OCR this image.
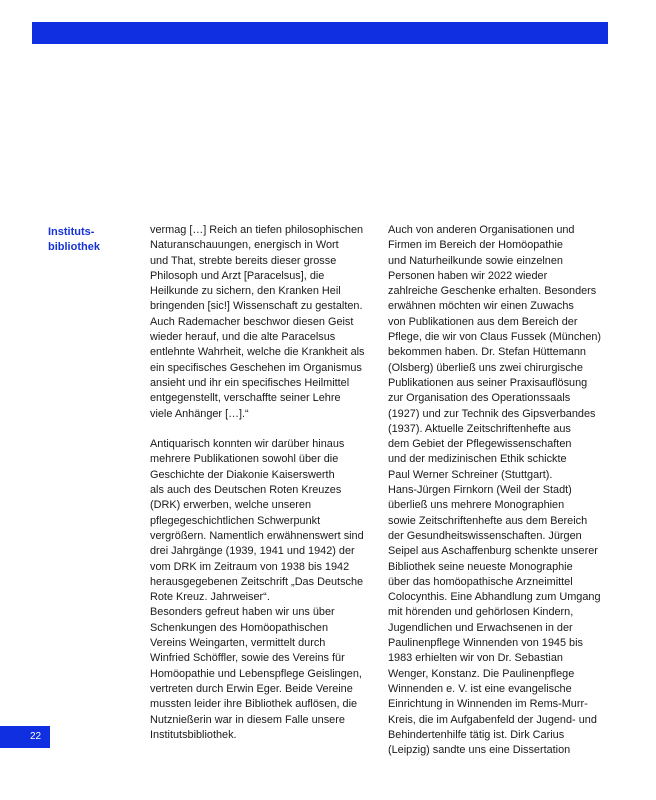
Instituts-
bibliothek
vermag […] Reich an tiefen philosophischen
Naturanschauungen, energisch in Wort
und That, strebte bereits dieser grosse
Philosoph und Arzt [Paracelsus], die
Heilkunde zu sichern, den Kranken Heil
bringenden [sic!] Wissenschaft zu gestalten.
Auch Rademacher beschwor diesen Geist
wieder herauf, und die alte Paracelsus
entlehnte Wahrheit, welche die Krankheit als
ein specifisches Geschehen im Organismus
ansieht und ihr ein specifisches Heilmittel
entgegenstellt, verschaffte seiner Lehre
viele Anhänger […].“
Antiquarisch konnten wir darüber hinaus
mehrere Publikationen sowohl über die
Geschichte der Diakonie Kaiserswerth
als auch des Deutschen Roten Kreuzes
(DRK) erwerben, welche unseren
pflegegeschichtlichen Schwerpunkt
vergrößern. Namentlich erwähnenswert sind
drei Jahrgänge (1939, 1941 und 1942) der
vom DRK im Zeitraum von 1938 bis 1942
herausgegebenen Zeitschrift „Das Deutsche
Rote Kreuz. Jahrweiser“.
Besonders gefreut haben wir uns über
Schenkungen des Homöopathischen
Vereins Weingarten, vermittelt durch
Winfried Schöffler, sowie des Vereins für
Homöopathie und Lebenspflege Geislingen,
vertreten durch Erwin Eger. Beide Vereine
mussten leider ihre Bibliothek auflösen, die
Nutznießerin war in diesem Falle unsere
Institutsbibliothek.
Auch von anderen Organisationen und
Firmen im Bereich der Homöopathie
und Naturheilkunde sowie einzelnen
Personen haben wir 2022 wieder
zahlreiche Geschenke erhalten. Besonders
erwähnen möchten wir einen Zuwachs
von Publikationen aus dem Bereich der
Pflege, die wir von Claus Fussek (München)
bekommen haben. Dr. Stefan Hüttemann
(Olsberg) überließ uns zwei chirurgische
Publikationen aus seiner Praxisauflösung
zur Organisation des Operationssaals
(1927) und zur Technik des Gipsverbandes
(1937). Aktuelle Zeitschriftenhefte aus
dem Gebiet der Pflegewissenschaften
und der medizinischen Ethik schickte
Paul Werner Schreiner (Stuttgart).
Hans-Jürgen Firnkorn (Weil der Stadt)
überließ uns mehrere Monographien
sowie Zeitschriftenhefte aus dem Bereich
der Gesundheitswissenschaften. Jürgen
Seipel aus Aschaffenburg schenkte unserer
Bibliothek seine neueste Monographie
über das homöopathische Arzneimittel
Colocynthis. Eine Abhandlung zum Umgang
mit hörenden und gehörlosen Kindern,
Jugendlichen und Erwachsenen in der
Paulinenpflege Winnenden von 1945 bis
1983 erhielten wir von Dr. Sebastian
Wenger, Konstanz. Die Paulinenpflege
Winnenden e. V. ist eine evangelische
Einrichtung in Winnenden im Rems-Murr-
Kreis, die im Aufgabenfeld der Jugend- und
Behindertenhilfe tätig ist. Dirk Carius
(Leipzig) sandte uns eine Dissertation
22
